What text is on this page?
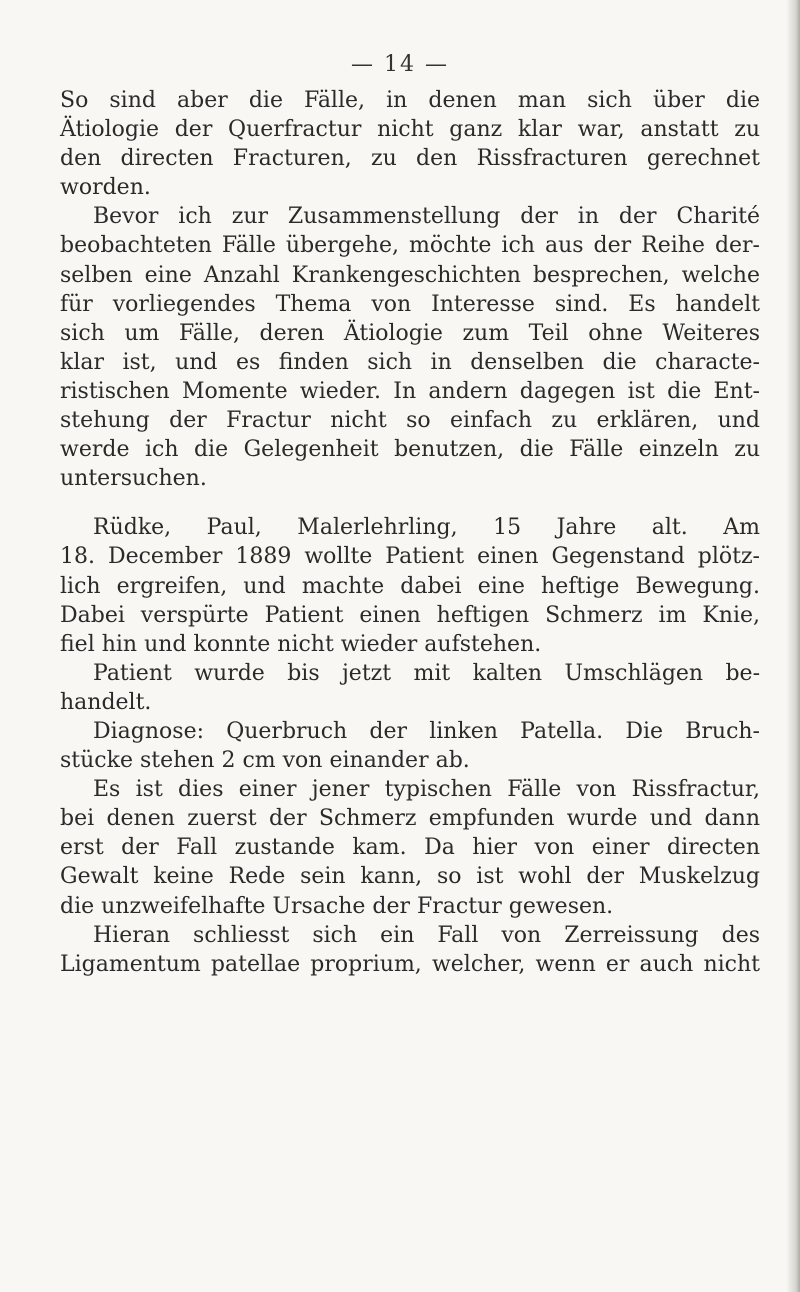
— 14 —

So sind aber die Fälle, in denen man sich über die
Ätiologie der Querfractur nicht ganz klar war, anstatt zu
den directen Fracturen, zu den Rissfracturen gerechnet
worden.

Bevor ich zur Zusammenstellung der in der Charité
beobachteten Fälle übergehe, möchte ich aus der Reihe der-
selben eine Anzahl Krankengeschichten besprechen, welche
für vorliegendes Thema von Interesse sind. Es handelt
sich um Fälle, deren Ätiologie zum Teil ohne Weiteres
klar ist, und es finden sich in denselben die characte-
ristischen Momente wieder. In andern dagegen ist die Ent-
stehung der Fractur nicht so einfach zu erklären, und
werde ich die Gelegenheit benutzen, die Fälle einzeln zu
untersuchen.

Rüdke, Paul, Malerlehrling, 15 Jahre alt. Am
18. December 1889 wollte Patient einen Gegenstand plötz-
lich ergreifen, und machte dabei eine heftige Bewegung.
Dabei verspürte Patient einen heftigen Schmerz im Knie,
fiel hin und konnte nicht wieder aufstehen.

Patient wurde bis jetzt mit kalten Umschlägen be-
handelt.

Diagnose: Querbruch der linken Patella. Die Bruch-
stücke stehen 2 cm von einander ab.

Es ist dies einer jener typischen Fälle von Rissfractur,
bei denen zuerst der Schmerz empfunden wurde und dann
erst der Fall zustande kam. Da hier von einer directen
Gewalt keine Rede sein kann, so ist wohl der Muskelzug
die unzweifelhafte Ursache der Fractur gewesen.

Hieran schliesst sich ein Fall von Zerreissung des
Ligamentum patellae proprium, welcher, wenn er auch nicht
